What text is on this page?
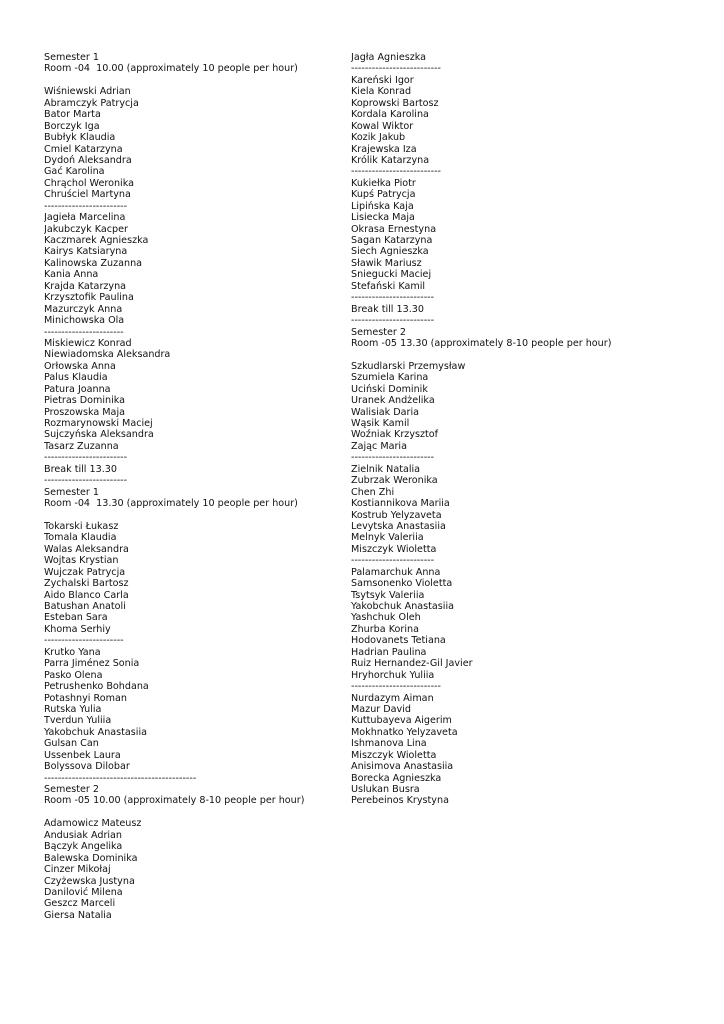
Semester 1
Room -04  10.00 (approximately 10 people per hour)
Wiśniewski Adrian
Abramczyk Patrycja
Bator Marta
Borczyk Iga
Bubłyk Klaudia
Ćmiel Katarzyna
Dydoń Aleksandra
Gać Karolina
Chrąchol Weronika
Chruściel Martyna
------------------------
Jagieła Marcelina
Jakubczyk Kacper
Kaczmarek Agnieszka
Kairys Katsiaryna
Kalinowska Zuzanna
Kania Anna
Krajda Katarzyna
Krzysztofik Paulina
Mazurczyk Anna
Minichowska Ola
-----------------------
Miskiewicz Konrad
Niewiadomska Aleksandra
Orłowska Anna
Palus Klaudia
Patura Joanna
Pietras Dominika
Proszowska Maja
Rozmarynowski Maciej
Sujczyńska Aleksandra
Tasarz Zuzanna
------------------------
Break till 13.30
------------------------
Semester 1
Room -04  13.30 (approximately 10 people per hour)
Tokarski Łukasz
Tomala Klaudia
Walas Aleksandra
Wojtas Krystian
Wujczak Patrycja
Żychalski Bartosz
Aido Blanco Carla
Batushan Anatoli
Esteban Sara
Khoma Serhiy
-----------------------
Krutko Yana
Parra Jiménez Sonia
Pasko Olena
Petrushenko Bohdana
Potashnyi Roman
Rutska Yulia
Tverdun Yuliia
Yakobchuk Anastasiia
Gulsan Can
Ussenbek Laura
Bolyssova Dilobar
--------------------------------------------
Semester 2
Room -05 10.00 (approximately 8-10 people per hour)
Adamowicz Mateusz
Andusiak Adrian
Bączyk Angelika
Balewska Dominika
Cinzer Mikołaj
Czyżewska Justyna
Danilović Milena
Geszcz Marceli
Giersa Natalia
Jagła Agnieszka
--------------------------
Kareński Igor
Kiela Konrad
Koprowski Bartosz
Kordala Karolina
Kowal Wiktor
Kozik Jakub
Krajewska Iza
Królik Katarzyna
--------------------------
Kukiełka Piotr
Kupś Patrycja
Lipińska Kaja
Lisiecka Maja
Okrasa Ernestyna
Sagan Katarzyna
Siech Agnieszka
Sławik Mariusz
Śniegucki Maciej
Stefański Kamil
------------------------
Break till 13.30
------------------------
Semester 2
Room -05 13.30 (approximately 8-10 people per hour)
Szkudlarski Przemysław
Szumiela Karina
Uciński Dominik
Uranek Andżelika
Walisiak Daria
Wąsik Kamil
Woźniak Krzysztof
Zając Maria
------------------------
Zielnik Natalia
Zubrzak Weronika
Chen Zhi
Kostiannikova Mariia
Kostrub Yelyzaveta
Levytska Anastasiia
Melnyk Valeriia
Miszczyk Wioletta
------------------------
Palamarchuk Anna
Samsonenko Violetta
Tsytsyk Valeriia
Yakobchuk Anastasiia
Yashchuk Oleh
Zhurba Korina
Hodovanets Tetiana
Hadrian Paulina
Ruiz Hernandez-Gil Javier
Hryhorchuk Yuliia
--------------------------
Nurdazym Aiman
Mazur David
Kuttubayeva Aigerim
Mokhnatko Yelyzaveta
Ishmanova Lina
Miszczyk Wioletta
Anisimova Anastasiia
Borecka Agnieszka
Uslukan Busra
Perebeinos Krystyna
